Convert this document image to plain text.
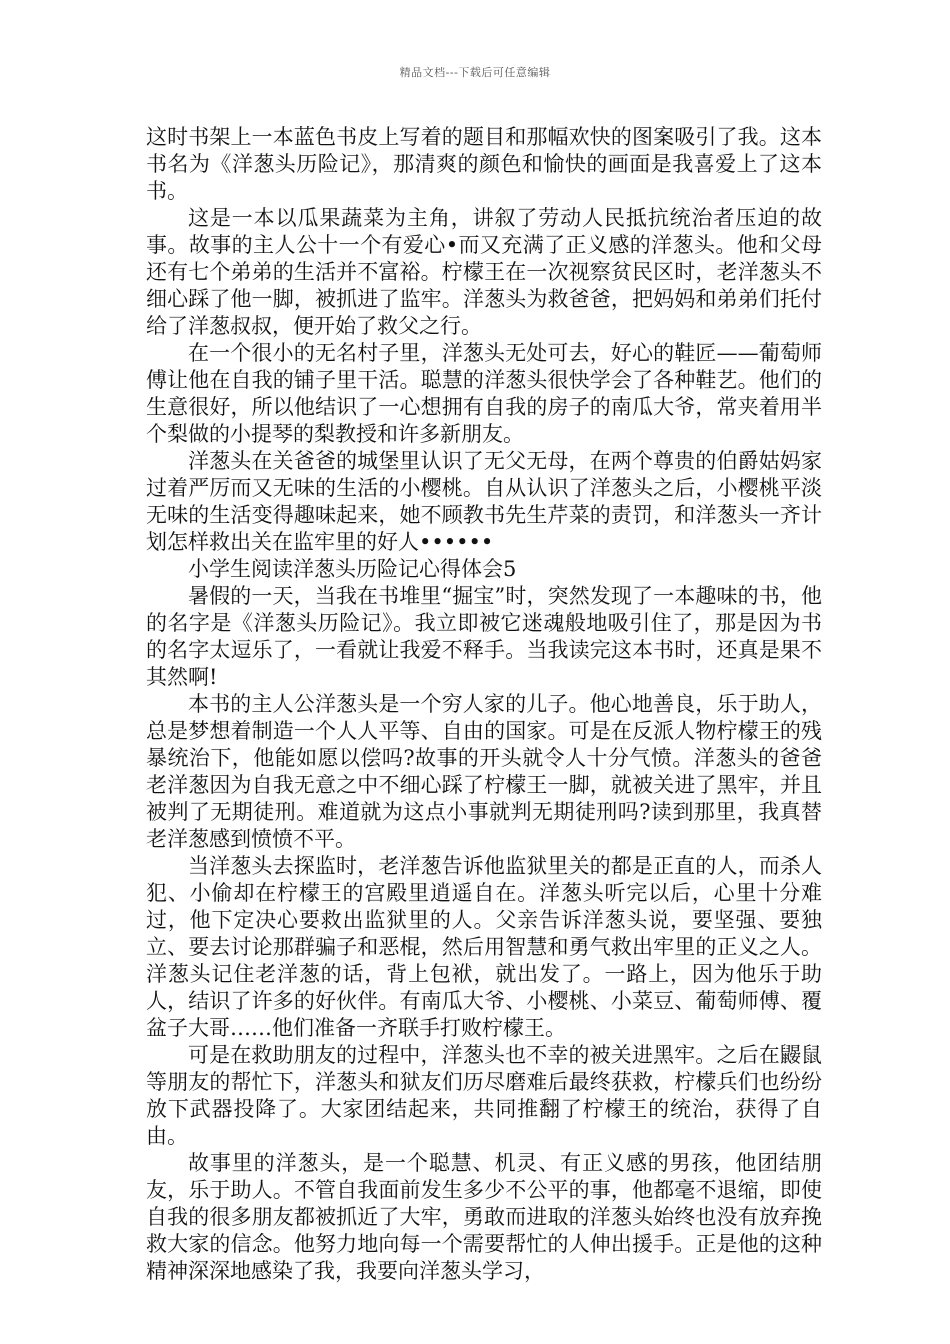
精品文档---下载后可任意编辑

这时书架上一本蓝色书皮上写着的题目和那幅欢快的图案吸引了我。这本书名为《洋葱头历险记》，那清爽的颜色和愉快的画面是我喜爱上了这本书。

这是一本以瓜果蔬菜为主角，讲叙了劳动人民抵抗统治者压迫的故事。故事的主人公十一个有爱心•而又充满了正义感的洋葱头。他和父母还有七个弟弟的生活并不富裕。柠檬王在一次视察贫民区时，老洋葱头不细心踩了他一脚，被抓进了监牢。洋葱头为救爸爸，把妈妈和弟弟们托付给了洋葱叔叔，便开始了救父之行。

在一个很小的无名村子里，洋葱头无处可去，好心的鞋匠——葡萄师傅让他在自我的铺子里干活。聪慧的洋葱头很快学会了各种鞋艺。他们的生意很好，所以他结识了一心想拥有自我的房子的南瓜大爷，常夹着用半个梨做的小提琴的梨教授和许多新朋友。

洋葱头在关爸爸的城堡里认识了无父无母，在两个尊贵的伯爵姑妈家过着严厉而又无味的生活的小樱桃。自从认识了洋葱头之后，小樱桃平淡无味的生活变得趣味起来，她不顾教书先生芹菜的责罚，和洋葱头一齐计划怎样救出关在监牢里的好人••••••

小学生阅读洋葱头历险记心得体会5

暑假的一天，当我在书堆里“掘宝”时，突然发现了一本趣味的书，他的名字是《洋葱头历险记》。我立即被它迷魂般地吸引住了，那是因为书的名字太逗乐了，一看就让我爱不释手。当我读完这本书时，还真是果不其然啊!

本书的主人公洋葱头是一个穷人家的儿子。他心地善良，乐于助人，总是梦想着制造一个人人平等、自由的国家。可是在反派人物柠檬王的残暴统治下，他能如愿以偿吗?故事的开头就令人十分气愤。洋葱头的爸爸老洋葱因为自我无意之中不细心踩了柠檬王一脚，就被关进了黑牢，并且被判了无期徒刑。难道就为这点小事就判无期徒刑吗?读到那里，我真替老洋葱感到愤愤不平。

当洋葱头去探监时，老洋葱告诉他监狱里关的都是正直的人，而杀人犯、小偷却在柠檬王的宫殿里逍遥自在。洋葱头听完以后，心里十分难过，他下定决心要救出监狱里的人。父亲告诉洋葱头说，要坚强、要独立、要去讨论那群骗子和恶棍，然后用智慧和勇气救出牢里的正义之人。洋葱头记住老洋葱的话，背上包袱，就出发了。一路上，因为他乐于助人，结识了许多的好伙伴。有南瓜大爷、小樱桃、小菜豆、葡萄师傅、覆盆子大哥……他们准备一齐联手打败柠檬王。

可是在救助朋友的过程中，洋葱头也不幸的被关进黑牢。之后在鼹鼠等朋友的帮忙下，洋葱头和狱友们历尽磨难后最终获救，柠檬兵们也纷纷放下武器投降了。大家团结起来，共同推翻了柠檬王的统治，获得了自由。

故事里的洋葱头，是一个聪慧、机灵、有正义感的男孩，他团结朋友，乐于助人。不管自我面前发生多少不公平的事，他都毫不退缩，即使自我的很多朋友都被抓近了大牢，勇敢而进取的洋葱头始终也没有放弃挽救大家的信念。他努力地向每一个需要帮忙的人伸出援手。正是他的这种精神深深地感染了我，我要向洋葱头学习，
